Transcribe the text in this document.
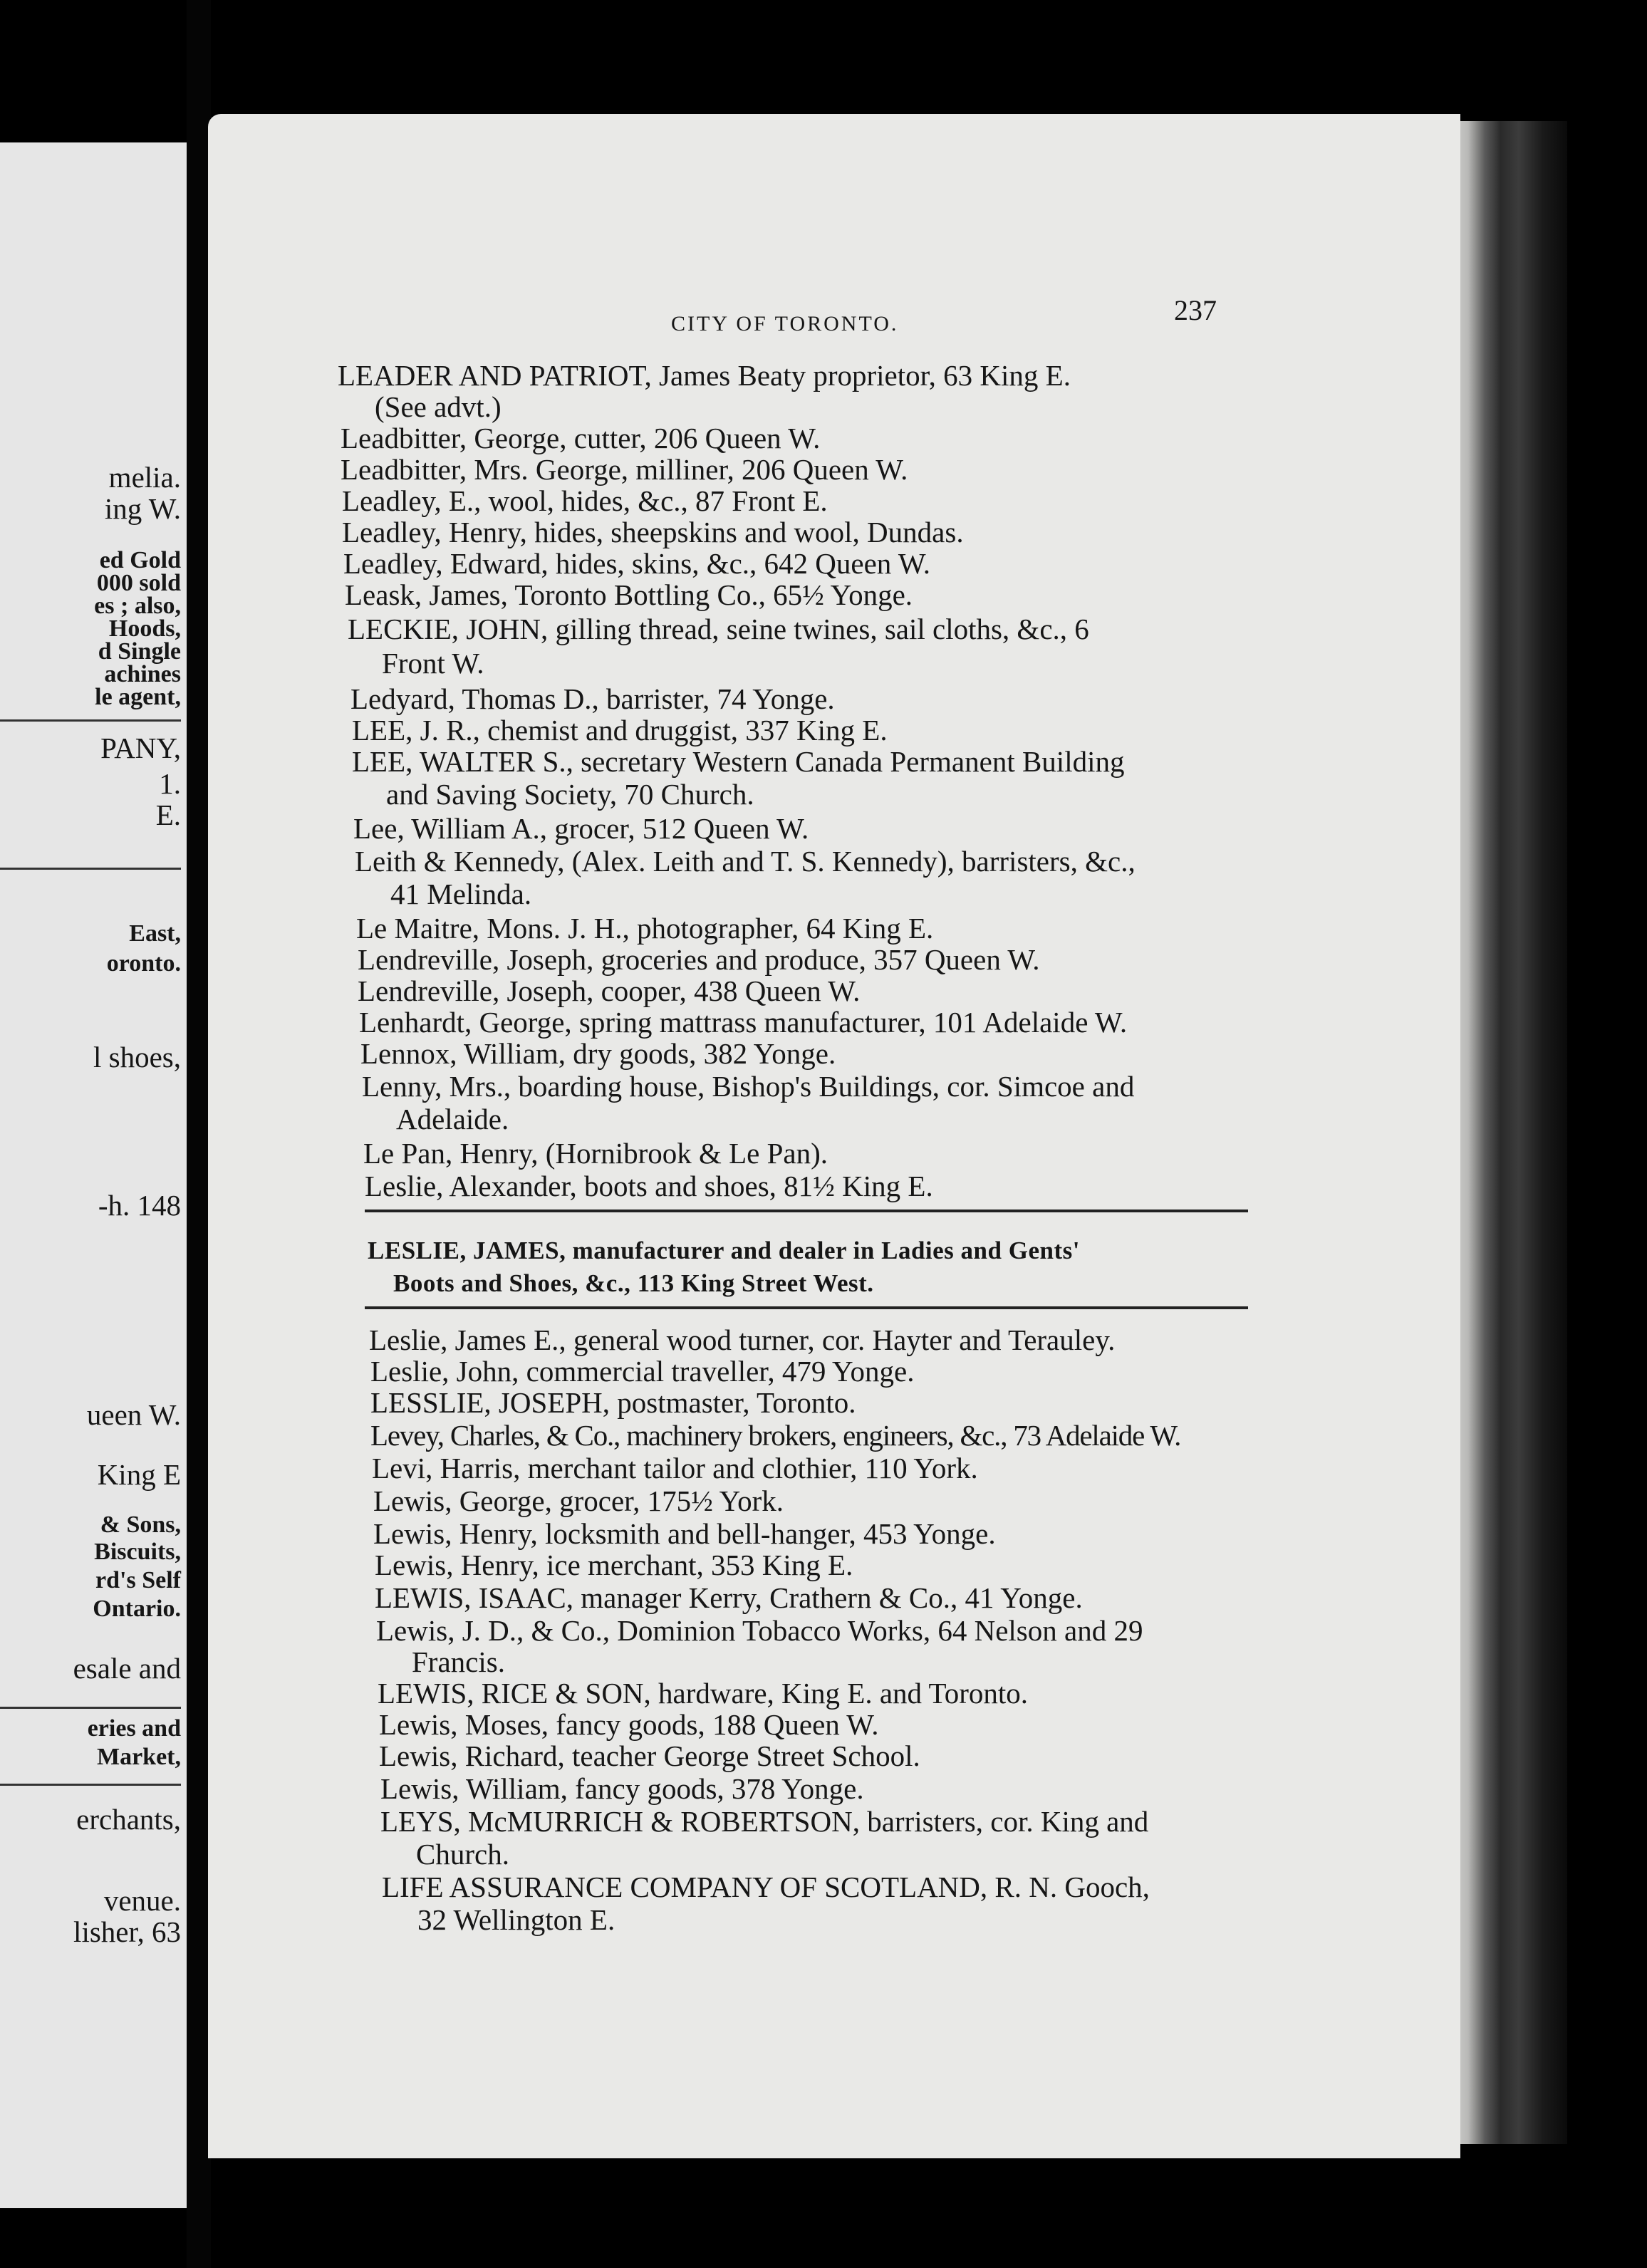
melia.
ing W.
ed Gold
000 sold
es ; also,
Hoods,
d Single
achines
le agent,
PANY,
1.
E.
East,
oronto.
l shoes,
-h. 148
ueen W.
King E
& Sons,
Biscuits,
rd's Self
Ontario.
esale and
eries and
Market,
erchants,
venue.
lisher, 63
CITY OF TORONTO.	237
LEADER AND PATRIOT, James Beaty proprietor, 63 King E.
(See advt.)
Leadbitter, George, cutter, 206 Queen W.
Leadbitter, Mrs. George, milliner, 206 Queen W.
Leadley, E., wool, hides, &c., 87 Front E.
Leadley, Henry, hides, sheepskins and wool, Dundas.
Leadley, Edward, hides, skins, &c., 642 Queen W.
Leask, James, Toronto Bottling Co., 65½ Yonge.
LECKIE, JOHN, gilling thread, seine twines, sail cloths, &c., 6
Front W.
Ledyard, Thomas D., barrister, 74 Yonge.
LEE, J. R., chemist and druggist, 337 King E.
LEE, WALTER S., secretary Western Canada Permanent Building
and Saving Society, 70 Church.
Lee, William A., grocer, 512 Queen W.
Leith & Kennedy, (Alex. Leith and T. S. Kennedy), barristers, &c.,
41 Melinda.
Le Maitre, Mons. J. H., photographer, 64 King E.
Lendreville, Joseph, groceries and produce, 357 Queen W.
Lendreville, Joseph, cooper, 438 Queen W.
Lenhardt, George, spring mattrass manufacturer, 101 Adelaide W.
Lennox, William, dry goods, 382 Yonge.
Lenny, Mrs., boarding house, Bishop's Buildings, cor. Simcoe and
Adelaide.
Le Pan, Henry, (Hornibrook & Le Pan).
Leslie, Alexander, boots and shoes, 81½ King E.
LESLIE, JAMES, manufacturer and dealer in Ladies and Gents'
Boots and Shoes, &c., 113 King Street West.
Leslie, James E., general wood turner, cor. Hayter and Terauley.
Leslie, John, commercial traveller, 479 Yonge.
LESSLIE, JOSEPH, postmaster, Toronto.
Levey, Charles, & Co., machinery brokers, engineers, &c., 73 Adelaide W.
Levi, Harris, merchant tailor and clothier, 110 York.
Lewis, George, grocer, 175½ York.
Lewis, Henry, locksmith and bell-hanger, 453 Yonge.
Lewis, Henry, ice merchant, 353 King E.
LEWIS, ISAAC, manager Kerry, Crathern & Co., 41 Yonge.
Lewis, J. D., & Co., Dominion Tobacco Works, 64 Nelson and 29
Francis.
LEWIS, RICE & SON, hardware, King E. and Toronto.
Lewis, Moses, fancy goods, 188 Queen W.
Lewis, Richard, teacher George Street School.
Lewis, William, fancy goods, 378 Yonge.
LEYS, McMURRICH & ROBERTSON, barristers, cor. King and
Church.
LIFE ASSURANCE COMPANY OF SCOTLAND, R. N. Gooch,
32 Wellington E.
